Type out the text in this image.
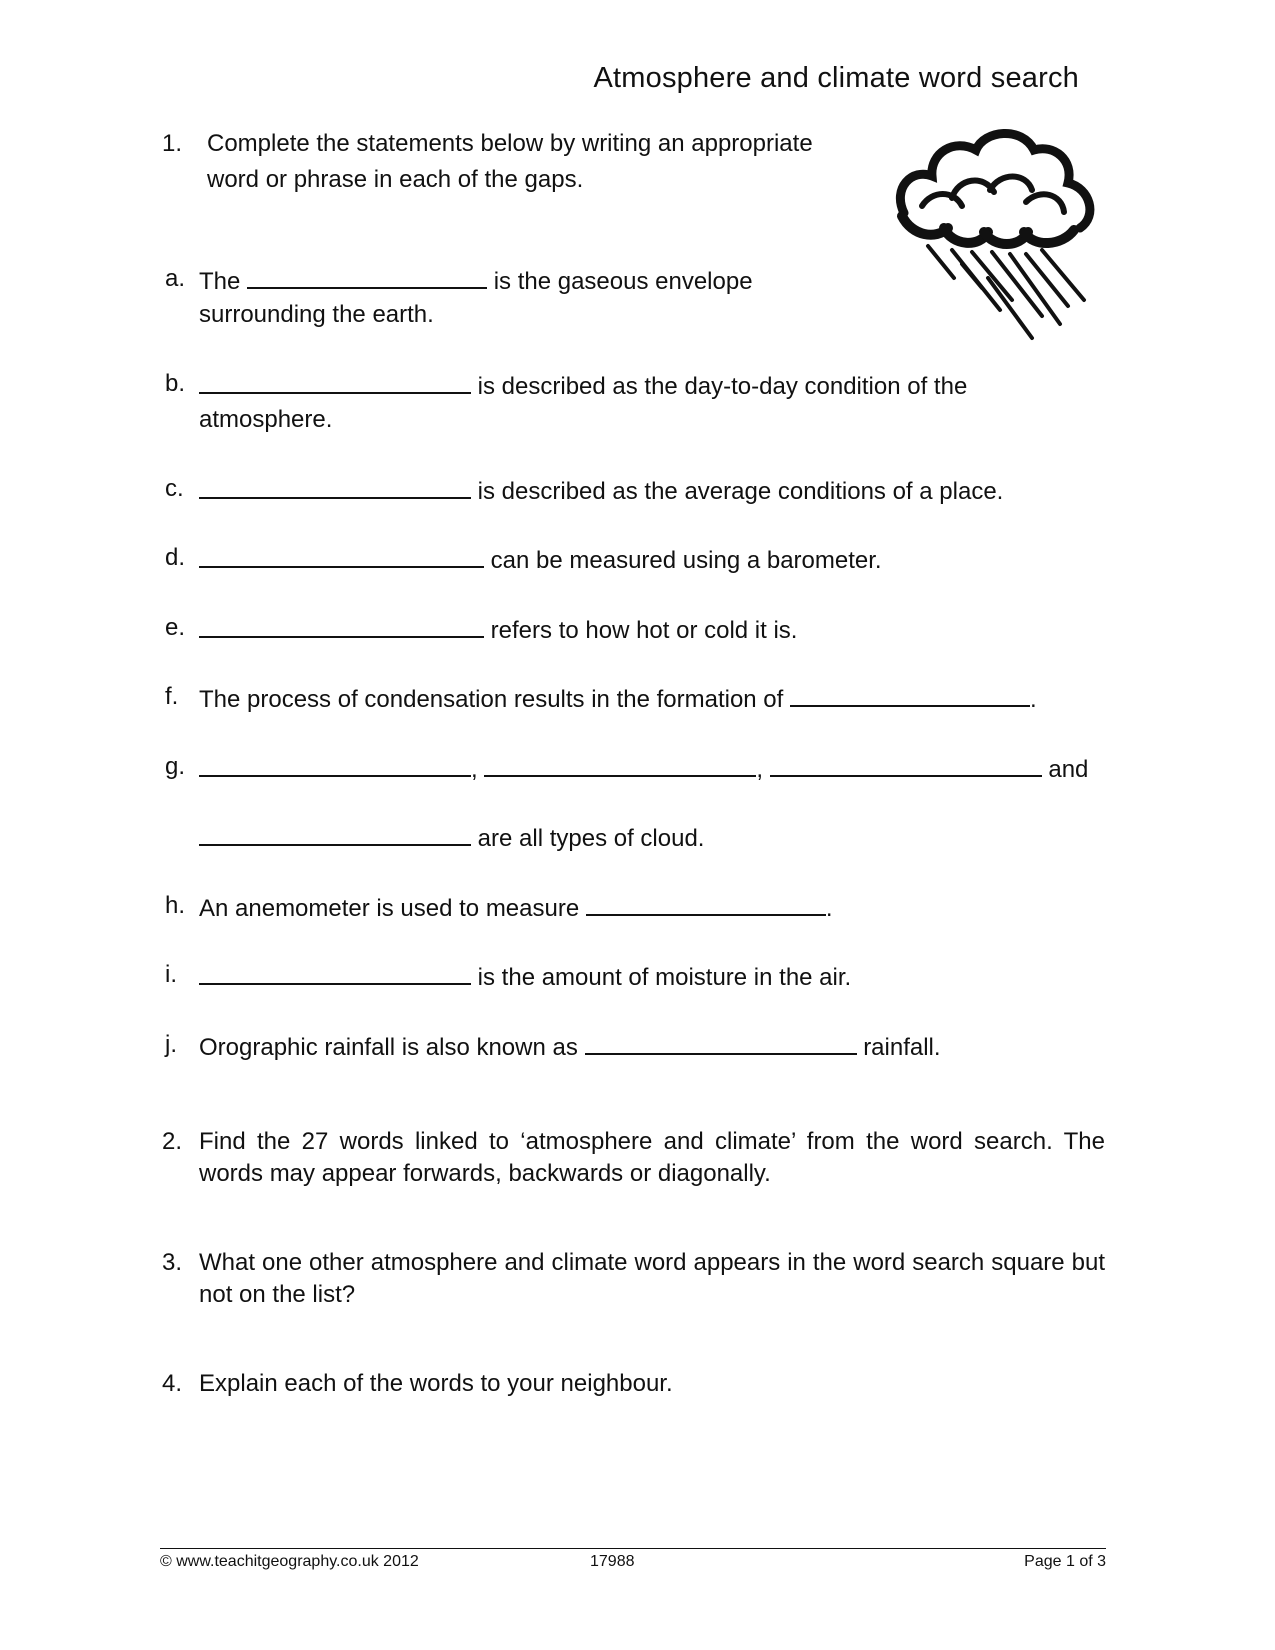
Atmosphere and climate word search
1. Complete the statements below by writing an appropriate word or phrase in each of the gaps.
a. The	is the gaseous envelope
surrounding the earth.
b.	is described as the day-to-day condition of the
atmosphere.
c.	is described as the average conditions of a place.
d.	can be measured using a barometer.
e.	refers to how hot or cold it is.
f. The process of condensation results in the formation of	.
g.	,	,	and
are all types of cloud.
h. An anemometer is used to measure	.
i.	is the amount of moisture in the air.
j. Orographic rainfall is also known as	rainfall.
2. Find the 27 words linked to ‘atmosphere and climate’ from the word search. The words may appear forwards, backwards or diagonally.
3. What one other atmosphere and climate word appears in the word search square but not on the list?
4. Explain each of the words to your neighbour.
© www.teachitgeography.co.uk 2012	17988	Page 1 of 3
